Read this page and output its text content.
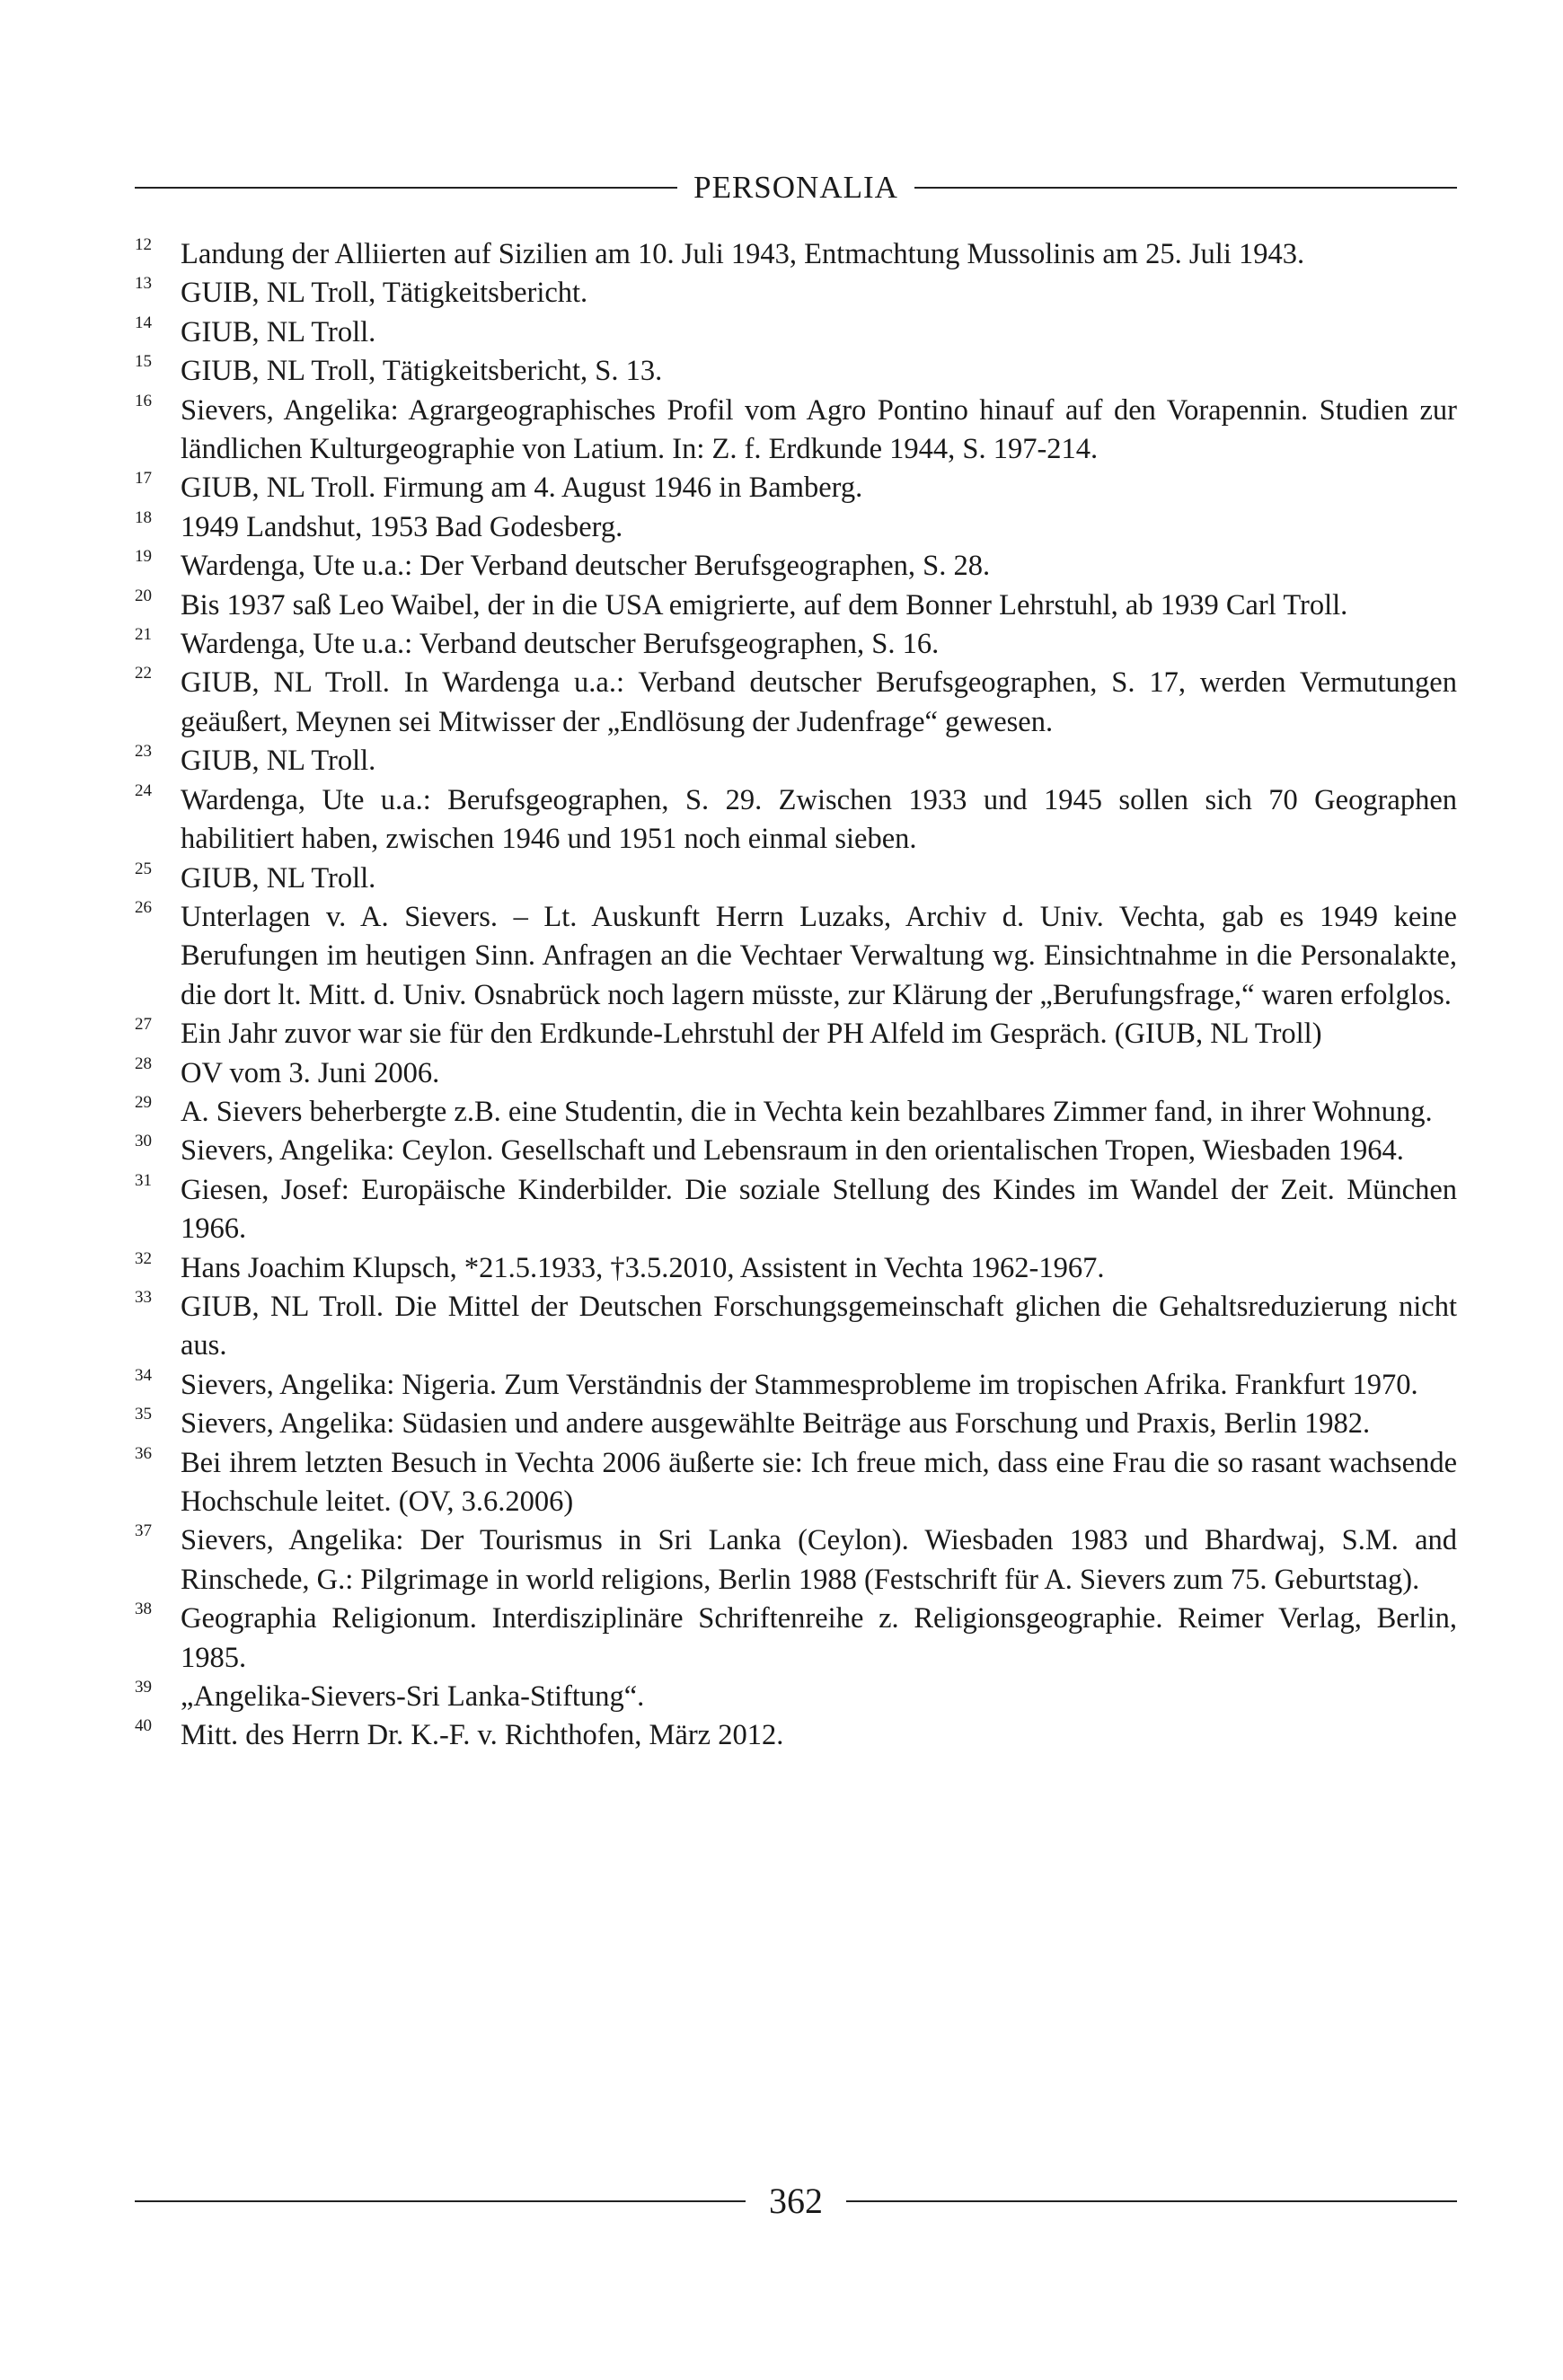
PERSONALIA
12 Landung der Alliierten auf Sizilien am 10. Juli 1943, Entmachtung Mussolinis am 25. Juli 1943.
13 GUIB, NL Troll, Tätigkeitsbericht.
14 GIUB, NL Troll.
15 GIUB, NL Troll, Tätigkeitsbericht, S. 13.
16 Sievers, Angelika: Agrargeographisches Profil vom Agro Pontino hinauf auf den Vorapennin. Studien zur ländlichen Kulturgeographie von Latium. In: Z. f. Erdkunde 1944, S. 197-214.
17 GIUB, NL Troll. Firmung am 4. August 1946 in Bamberg.
18 1949 Landshut, 1953 Bad Godesberg.
19 Wardenga, Ute u.a.: Der Verband deutscher Berufsgeographen, S. 28.
20 Bis 1937 saß Leo Waibel, der in die USA emigrierte, auf dem Bonner Lehrstuhl, ab 1939 Carl Troll.
21 Wardenga, Ute u.a.: Verband deutscher Berufsgeographen, S. 16.
22 GIUB, NL Troll. In Wardenga u.a.: Verband deutscher Berufsgeographen, S. 17, werden Vermutungen geäußert, Meynen sei Mitwisser der „Endlösung der Judenfrage“ gewesen.
23 GIUB, NL Troll.
24 Wardenga, Ute u.a.: Berufsgeographen, S. 29. Zwischen 1933 und 1945 sollen sich 70 Geographen habilitiert haben, zwischen 1946 und 1951 noch einmal sieben.
25 GIUB, NL Troll.
26 Unterlagen v. A. Sievers. – Lt. Auskunft Herrn Luzaks, Archiv d. Univ. Vechta, gab es 1949 keine Berufungen im heutigen Sinn. Anfragen an die Vechtaer Verwaltung wg. Einsichtnahme in die Personalakte, die dort lt. Mitt. d. Univ. Osnabrück noch lagern müsste, zur Klärung der „Berufungsfrage,“ waren erfolglos.
27 Ein Jahr zuvor war sie für den Erdkunde-Lehrstuhl der PH Alfeld im Gespräch. (GIUB, NL Troll)
28 OV vom 3. Juni 2006.
29 A. Sievers beherbergte z.B. eine Studentin, die in Vechta kein bezahlbares Zimmer fand, in ihrer Wohnung.
30 Sievers, Angelika: Ceylon. Gesellschaft und Lebensraum in den orientalischen Tropen, Wiesbaden 1964.
31 Giesen, Josef: Europäische Kinderbilder. Die soziale Stellung des Kindes im Wandel der Zeit. München 1966.
32 Hans Joachim Klupsch, *21.5.1933, †3.5.2010, Assistent in Vechta 1962-1967.
33 GIUB, NL Troll. Die Mittel der Deutschen Forschungsgemeinschaft glichen die Gehaltsreduzierung nicht aus.
34 Sievers, Angelika: Nigeria. Zum Verständnis der Stammesprobleme im tropischen Afrika. Frankfurt 1970.
35 Sievers, Angelika: Südasien und andere ausgewählte Beiträge aus Forschung und Praxis, Berlin 1982.
36 Bei ihrem letzten Besuch in Vechta 2006 äußerte sie: Ich freue mich, dass eine Frau die so rasant wachsende Hochschule leitet. (OV, 3.6.2006)
37 Sievers, Angelika: Der Tourismus in Sri Lanka (Ceylon). Wiesbaden 1983 und Bhardwaj, S.M. and Rinschede, G.: Pilgrimage in world religions, Berlin 1988 (Festschrift für A. Sievers zum 75. Geburtstag).
38 Geographia Religionum. Interdisziplinäre Schriftenreihe z. Religionsgeographie. Reimer Verlag, Berlin, 1985.
39 „Angelika-Sievers-Sri Lanka-Stiftung“.
40 Mitt. des Herrn Dr. K.-F. v. Richthofen, März 2012.
362
